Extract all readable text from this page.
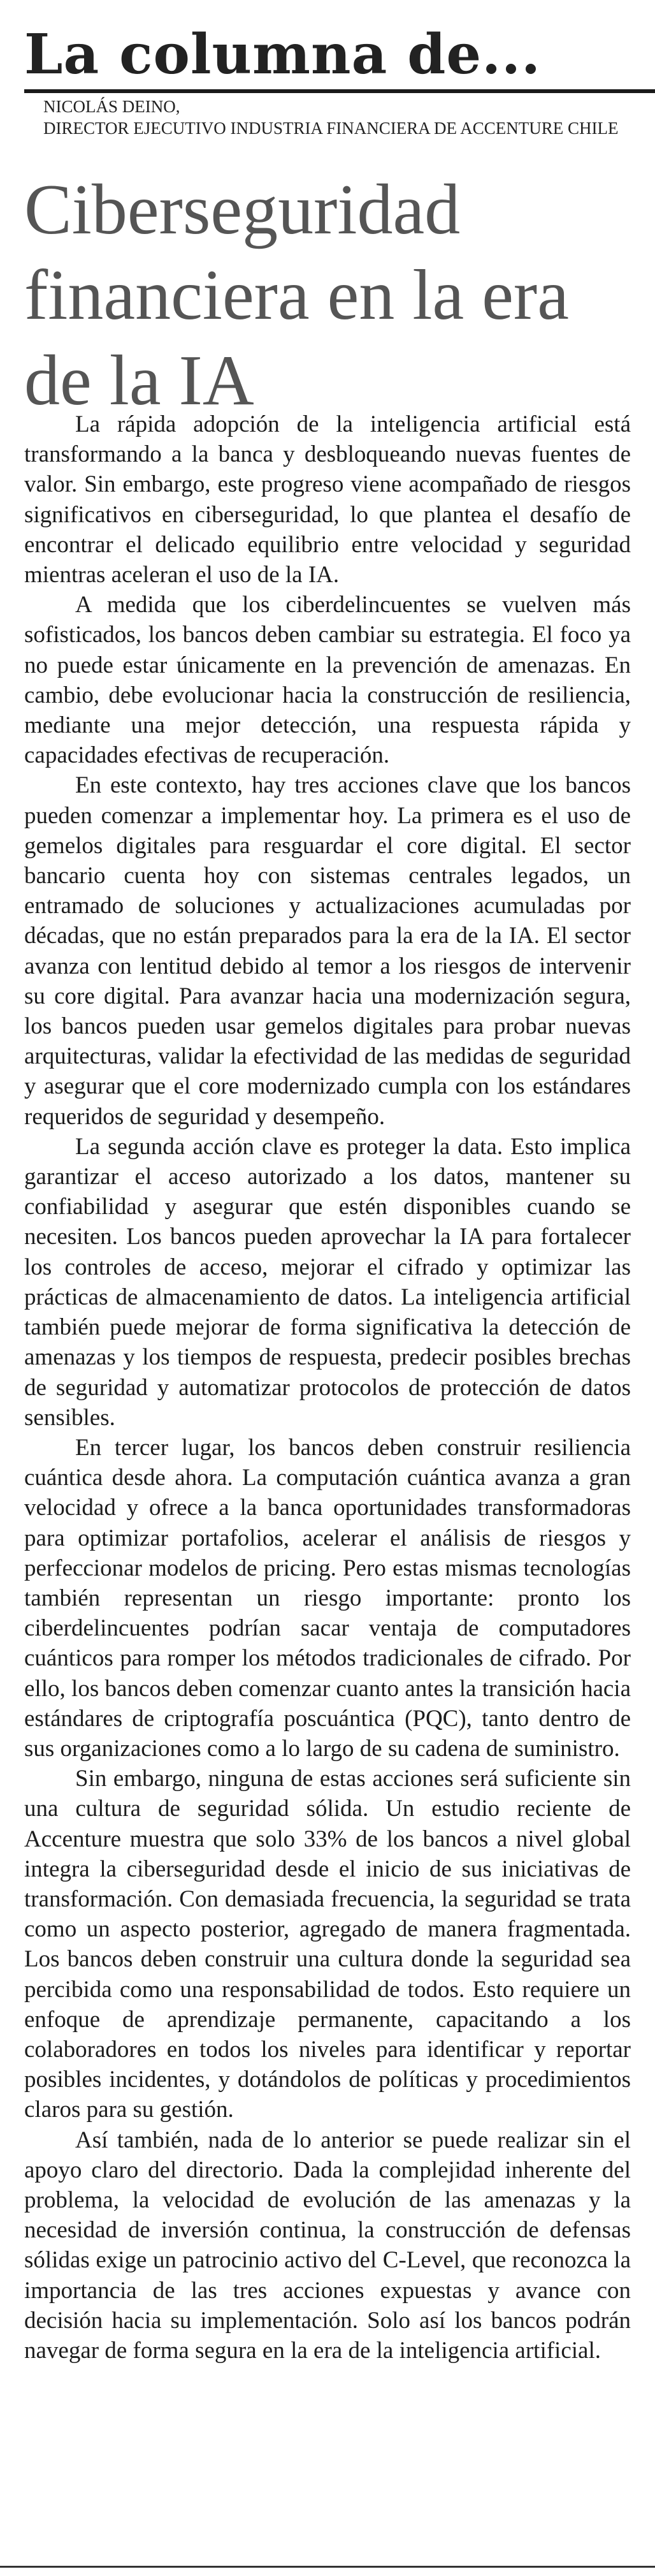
La columna de...
NICOLÁS DEINO,
DIRECTOR EJECUTIVO INDUSTRIA FINANCIERA DE ACCENTURE CHILE
Ciberseguridad financiera en la era de la IA

La rápida adopción de la inteligencia artificial está transformando a la banca y desbloqueando nuevas fuentes de valor. Sin embargo, este progreso viene acompañado de riesgos significativos en ciberseguridad, lo que plantea el desafío de encontrar el delicado equilibrio entre velocidad y seguridad mientras aceleran el uso de la IA.

A medida que los ciberdelincuentes se vuelven más sofisticados, los bancos deben cambiar su estrategia. El foco ya no puede estar únicamente en la prevención de amenazas. En cambio, debe evolucionar hacia la construcción de resiliencia, mediante una mejor detección, una respuesta rápida y capacidades efectivas de recuperación.

En este contexto, hay tres acciones clave que los bancos pueden comenzar a implementar hoy. La primera es el uso de gemelos digitales para resguardar el core digital. El sector bancario cuenta hoy con sistemas centrales legados, un entramado de soluciones y actualizaciones acumuladas por décadas, que no están preparados para la era de la IA. El sector avanza con lentitud debido al temor a los riesgos de intervenir su core digital. Para avanzar hacia una modernización segura, los bancos pueden usar gemelos digitales para probar nuevas arquitecturas, validar la efectividad de las medidas de seguridad y asegurar que el core modernizado cumpla con los estándares requeridos de seguridad y desempeño.

La segunda acción clave es proteger la data. Esto implica garantizar el acceso autorizado a los datos, mantener su confiabilidad y asegurar que estén disponibles cuando se necesiten. Los bancos pueden aprovechar la IA para fortalecer los controles de acceso, mejorar el cifrado y optimizar las prácticas de almacenamiento de datos. La inteligencia artificial también puede mejorar de forma significativa la detección de amenazas y los tiempos de respuesta, predecir posibles brechas de seguridad y automatizar protocolos de protección de datos sensibles.

En tercer lugar, los bancos deben construir resiliencia cuántica desde ahora. La computación cuántica avanza a gran velocidad y ofrece a la banca oportunidades transformadoras para optimizar portafolios, acelerar el análisis de riesgos y perfeccionar modelos de pricing. Pero estas mismas tecnologías también representan un riesgo importante: pronto los ciberdelincuentes podrían sacar ventaja de computadores cuánticos para romper los métodos tradicionales de cifrado. Por ello, los bancos deben comenzar cuanto antes la transición hacia estándares de criptografía poscuántica (PQC), tanto dentro de sus organizaciones como a lo largo de su cadena de suministro.

Sin embargo, ninguna de estas acciones será suficiente sin una cultura de seguridad sólida. Un estudio reciente de Accenture muestra que solo 33% de los bancos a nivel global integra la ciberseguridad desde el inicio de sus iniciativas de transformación. Con demasiada frecuencia, la seguridad se trata como un aspecto posterior, agregado de manera fragmentada. Los bancos deben construir una cultura donde la seguridad sea percibida como una responsabilidad de todos. Esto requiere un enfoque de aprendizaje permanente, capacitando a los colaboradores en todos los niveles para identificar y reportar posibles incidentes, y dotándolos de políticas y procedimientos claros para su gestión.

Así también, nada de lo anterior se puede realizar sin el apoyo claro del directorio. Dada la complejidad inherente del problema, la velocidad de evolución de las amenazas y la necesidad de inversión continua, la construcción de defensas sólidas exige un patrocinio activo del C-Level, que reconozca la importancia de las tres acciones expuestas y avance con decisión hacia su implementación. Solo así los bancos podrán navegar de forma segura en la era de la inteligencia artificial.
